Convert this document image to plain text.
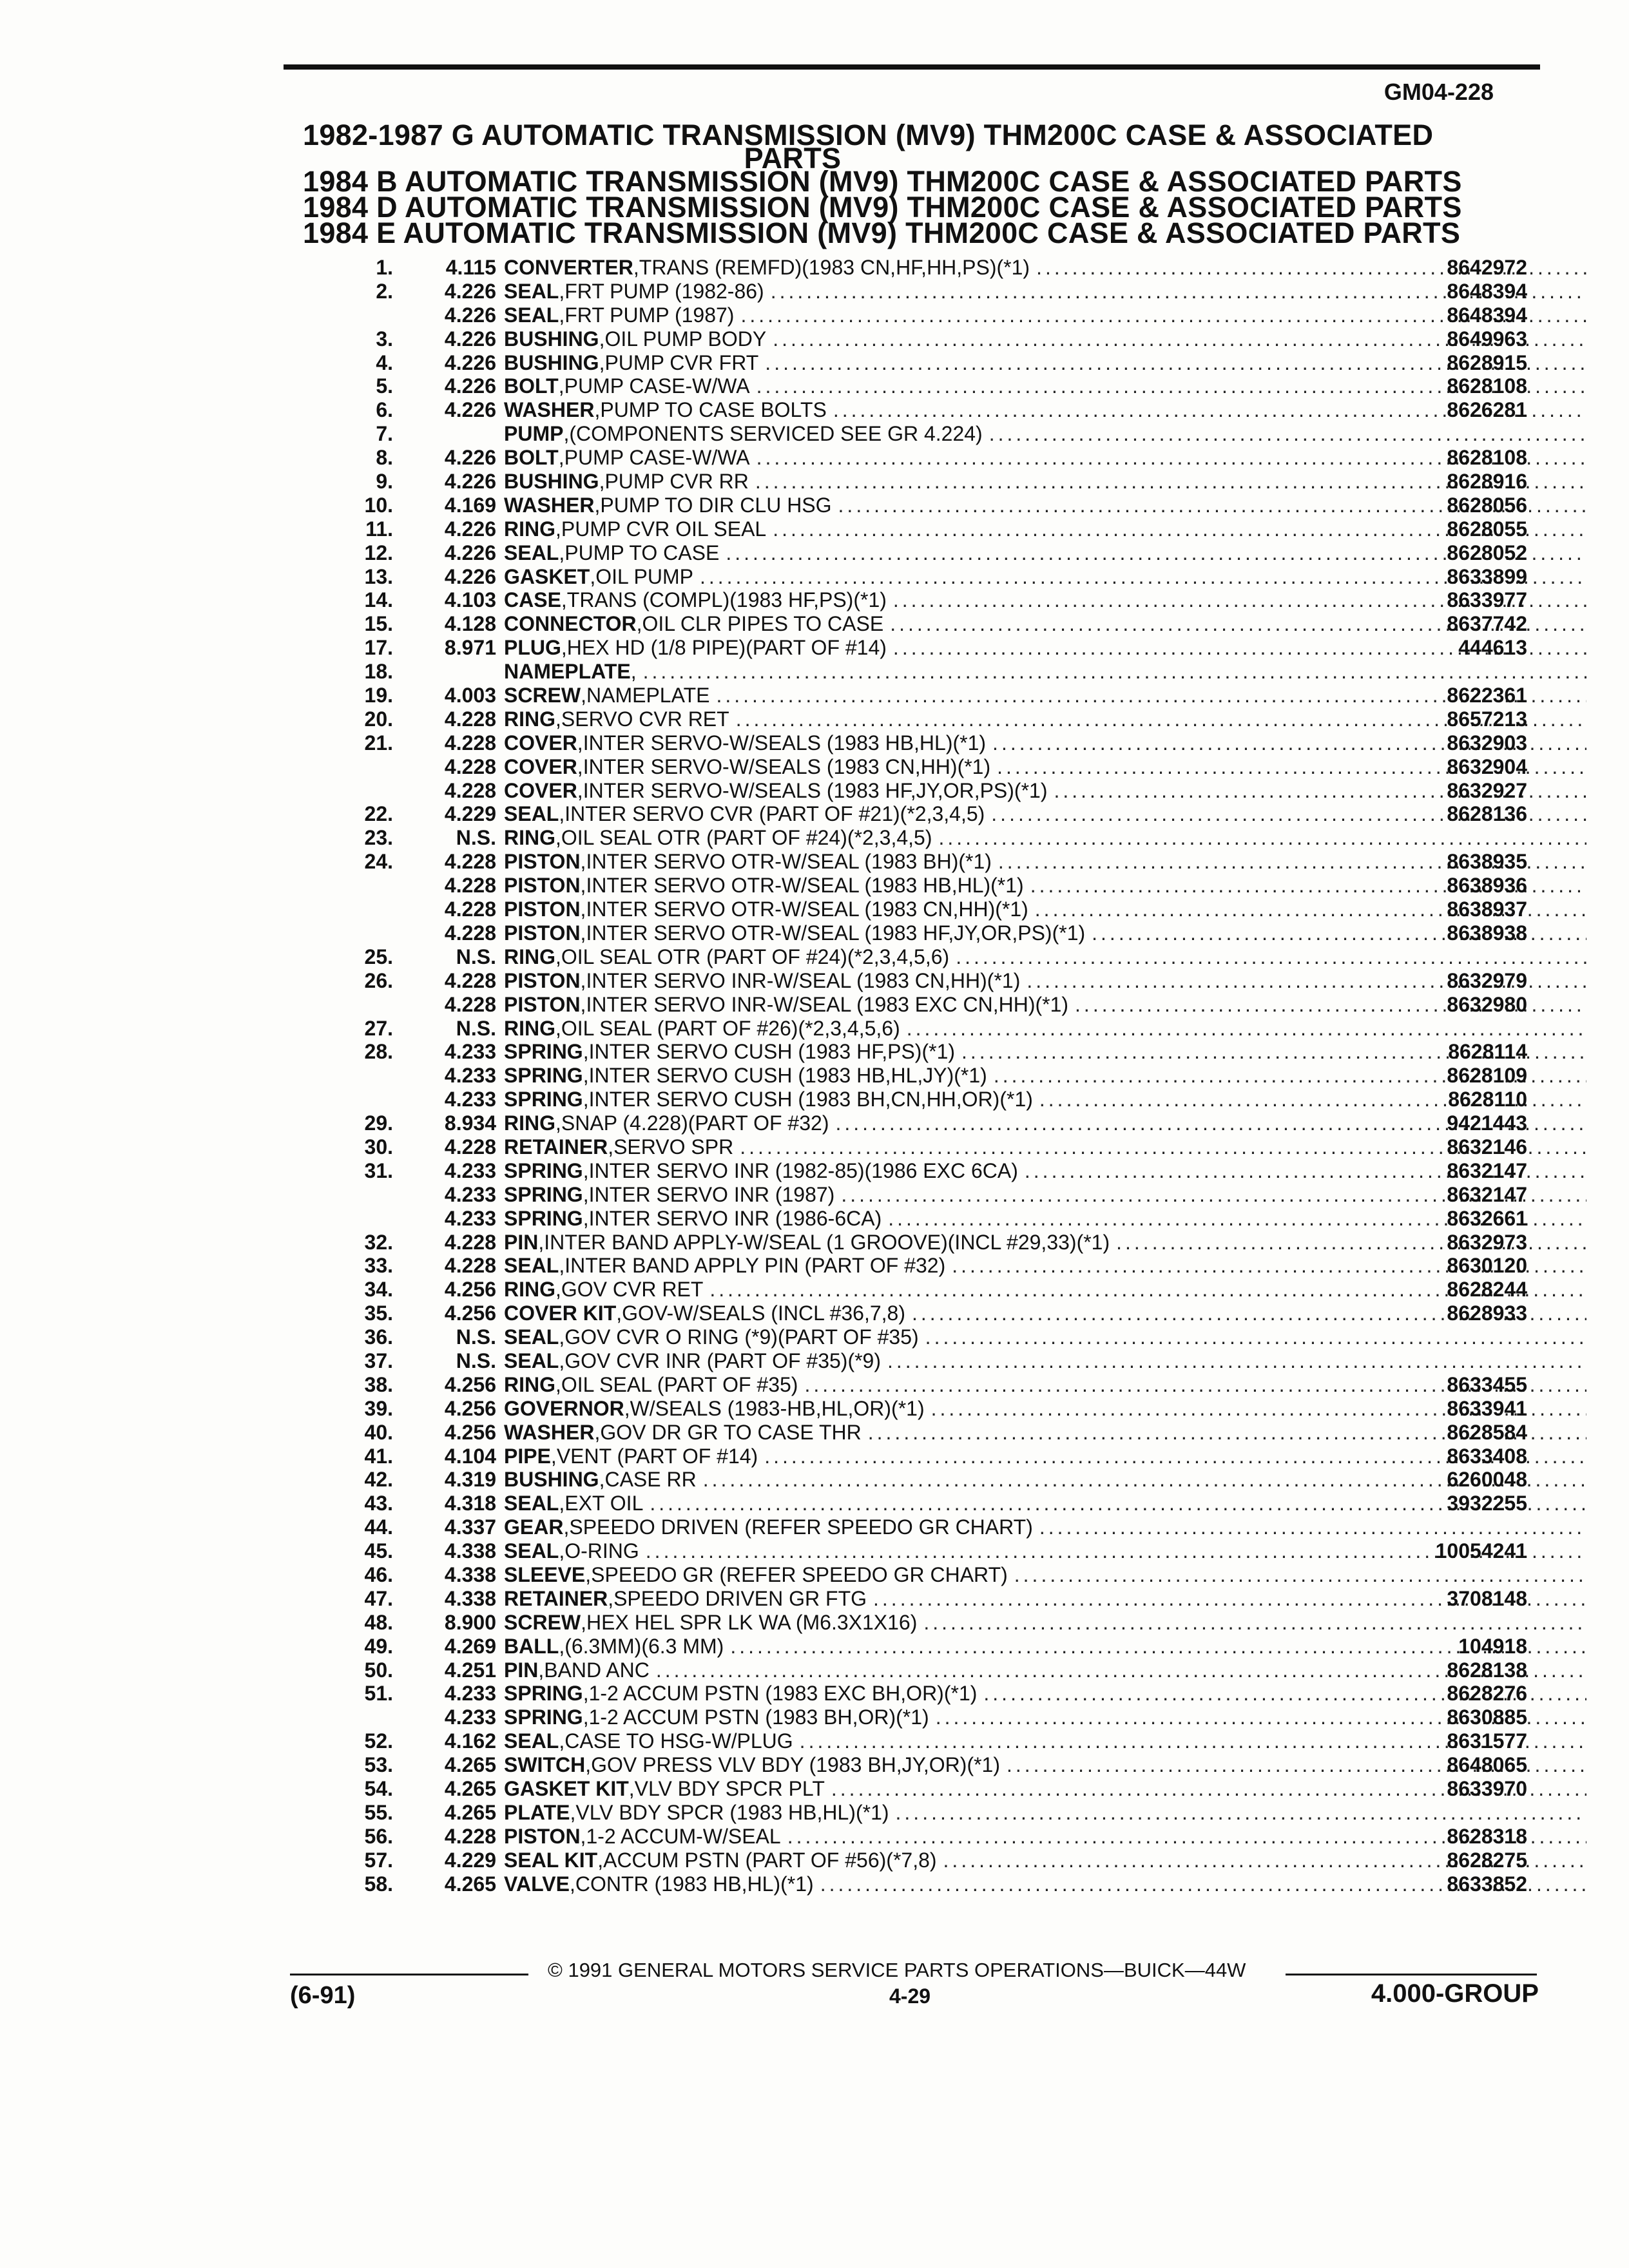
GM04-228
1982-1987 G AUTOMATIC TRANSMISSION (MV9) THM200C CASE & ASSOCIATED
PARTS
1984 B AUTOMATIC TRANSMISSION (MV9) THM200C CASE & ASSOCIATED PARTS
1984 D AUTOMATIC TRANSMISSION (MV9) THM200C CASE & ASSOCIATED PARTS
1984 E AUTOMATIC TRANSMISSION (MV9) THM200C CASE & ASSOCIATED PARTS
1.	4.115 CONVERTER , TRANS (REMFD)(1983 CN,HF,HH,PS)(*1) .....	8642972
2.	4.226 SEAL , FRT PUMP (1982-86) .....	8648394
4.226 SEAL , FRT PUMP (1987) .....	8648394
3.	4.226 BUSHING , OIL PUMP BODY .....	8649963
4.	4.226 BUSHING , PUMP CVR FRT .....	8628915
5.	4.226 BOLT , PUMP CASE-W/WA .....	8628108
6.	4.226 WASHER , PUMP TO CASE BOLTS .....	8626281
7.	PUMP , (COMPONENTS SERVICED SEE GR 4.224)
.....
8.	4.226 BOLT , PUMP CASE-W/WA .....	8628108
9.	4.226 BUSHING , PUMP CVR RR .....	8628916
10.	4.169 WASHER , PUMP TO DIR CLU HSG .....	8628056
11.	4.226 RING , PUMP CVR OIL SEAL .....	8628055
12.	4.226 SEAL , PUMP TO CASE .....	8628052
13.	4.226 GASKET , OIL PUMP .....	8633899
14.	4.103 CASE , TRANS (COMPL)(1983 HF,PS)(*1) .....	8633977
15.	4.128 CONNECTOR , OIL CLR PIPES TO CASE .....	8637742
17.	8.971 PLUG , HEX HD (1/8 PIPE)(PART OF #14) .....	444613
18.	NAMEPLATE ,
.....
19.	4.003 SCREW , NAMEPLATE .....	8622361
20.	4.228 RING , SERVO CVR RET .....	8657213
21.	4.228 COVER , INTER SERVO-W/SEALS (1983 HB,HL)(*1) .....	8632903
4.228 COVER , INTER SERVO-W/SEALS (1983 CN,HH)(*1) .....	8632904
4.228 COVER , INTER SERVO-W/SEALS (1983 HF,JY,OR,PS)(*1) .....	8632927
22.	4.229 SEAL , INTER SERVO CVR (PART OF #21)(*2,3,4,5) .....	8628136
23.	N.S. RING , OIL SEAL OTR (PART OF #24)(*2,3,4,5)
.....
24.	4.228 PISTON , INTER SERVO OTR-W/SEAL (1983 BH)(*1) .....	8638935
4.228 PISTON , INTER SERVO OTR-W/SEAL (1983 HB,HL)(*1) .....	8638936
4.228 PISTON , INTER SERVO OTR-W/SEAL (1983 CN,HH)(*1) .....	8638937
4.228 PISTON , INTER SERVO OTR-W/SEAL (1983 HF,JY,OR,PS)(*1) .....	8638938
25.	N.S. RING , OIL SEAL OTR (PART OF #24)(*2,3,4,5,6)
.....
26.	4.228 PISTON , INTER SERVO INR-W/SEAL (1983 CN,HH)(*1) .....	8632979
4.228 PISTON , INTER SERVO INR-W/SEAL (1983 EXC CN,HH)(*1) .....	8632980
27.	N.S. RING , OIL SEAL (PART OF #26)(*2,3,4,5,6)
.....
28.	4.233 SPRING , INTER SERVO CUSH (1983 HF,PS)(*1) .....	8628114
4.233 SPRING , INTER SERVO CUSH (1983 HB,HL,JY)(*1) .....	8628109
4.233 SPRING , INTER SERVO CUSH (1983 BH,CN,HH,OR)(*1) .....	8628110
29.	8.934 RING , SNAP (4.228)(PART OF #32) .....	9421443
30.	4.228 RETAINER , SERVO SPR .....	8632146
31.	4.233 SPRING , INTER SERVO INR (1982-85)(1986 EXC 6CA) .....	8632147
4.233 SPRING , INTER SERVO INR (1987) .....	8632147
4.233 SPRING , INTER SERVO INR (1986-6CA) .....	8632661
32.	4.228 PIN , INTER BAND APPLY-W/SEAL (1 GROOVE)(INCL #29,33)(*1) .....	8632973
33.	4.228 SEAL , INTER BAND APPLY PIN (PART OF #32) .....	8630120
34.	4.256 RING , GOV CVR RET .....	8628244
35.	4.256 COVER KIT , GOV-W/SEALS (INCL #36,7,8) .....	8628933
36.	N.S. SEAL , GOV CVR O RING (*9)(PART OF #35)
.....
37.	N.S. SEAL , GOV CVR INR (PART OF #35)(*9)
.....
38.	4.256 RING , OIL SEAL (PART OF #35) .....	8633455
39.	4.256 GOVERNOR , W/SEALS (1983-HB,HL,OR)(*1) .....	8633941
40.	4.256 WASHER , GOV DR GR TO CASE THR .....	8628584
41.	4.104 PIPE , VENT (PART OF #14) .....	8633408
42.	4.319 BUSHING , CASE RR .....	6260048
43.	4.318 SEAL , EXT OIL .....	3932255
44.	4.337 GEAR , SPEEDO DRIVEN (REFER SPEEDO GR CHART)
.....
45.	4.338 SEAL , O-RING .....	10054241
46.	4.338 SLEEVE , SPEEDO GR (REFER SPEEDO GR CHART)
.....
47.	4.338 RETAINER , SPEEDO DRIVEN GR FTG .....	3708148
48.	8.900 SCREW , HEX HEL SPR LK WA (M6.3X1X16)
.....
49.	4.269 BALL , (6.3MM)(6.3 MM) .....	104918
50.	4.251 PIN , BAND ANC .....	8628138
51.	4.233 SPRING , 1-2 ACCUM PSTN (1983 EXC BH,OR)(*1) .....	8628276
4.233 SPRING , 1-2 ACCUM PSTN (1983 BH,OR)(*1) .....	8630885
52.	4.162 SEAL , CASE TO HSG-W/PLUG .....	8631577
53.	4.265 SWITCH , GOV PRESS VLV BDY (1983 BH,JY,OR)(*1) .....	8648065
54.	4.265 GASKET KIT , VLV BDY SPCR PLT .....	8633970
55.	4.265 PLATE , VLV BDY SPCR (1983 HB,HL)(*1)
.....
56.	4.228 PISTON , 1-2 ACCUM-W/SEAL .....	8628318
57.	4.229 SEAL KIT , ACCUM PSTN (PART OF #56)(*7,8) .....	8628275
58.	4.265 VALVE , CONTR (1983 HB,HL)(*1) .....	8633852
© 1991 GENERAL MOTORS SERVICE PARTS OPERATIONS—BUICK—44W
(6-91)	4-29	4.000-GROUP
